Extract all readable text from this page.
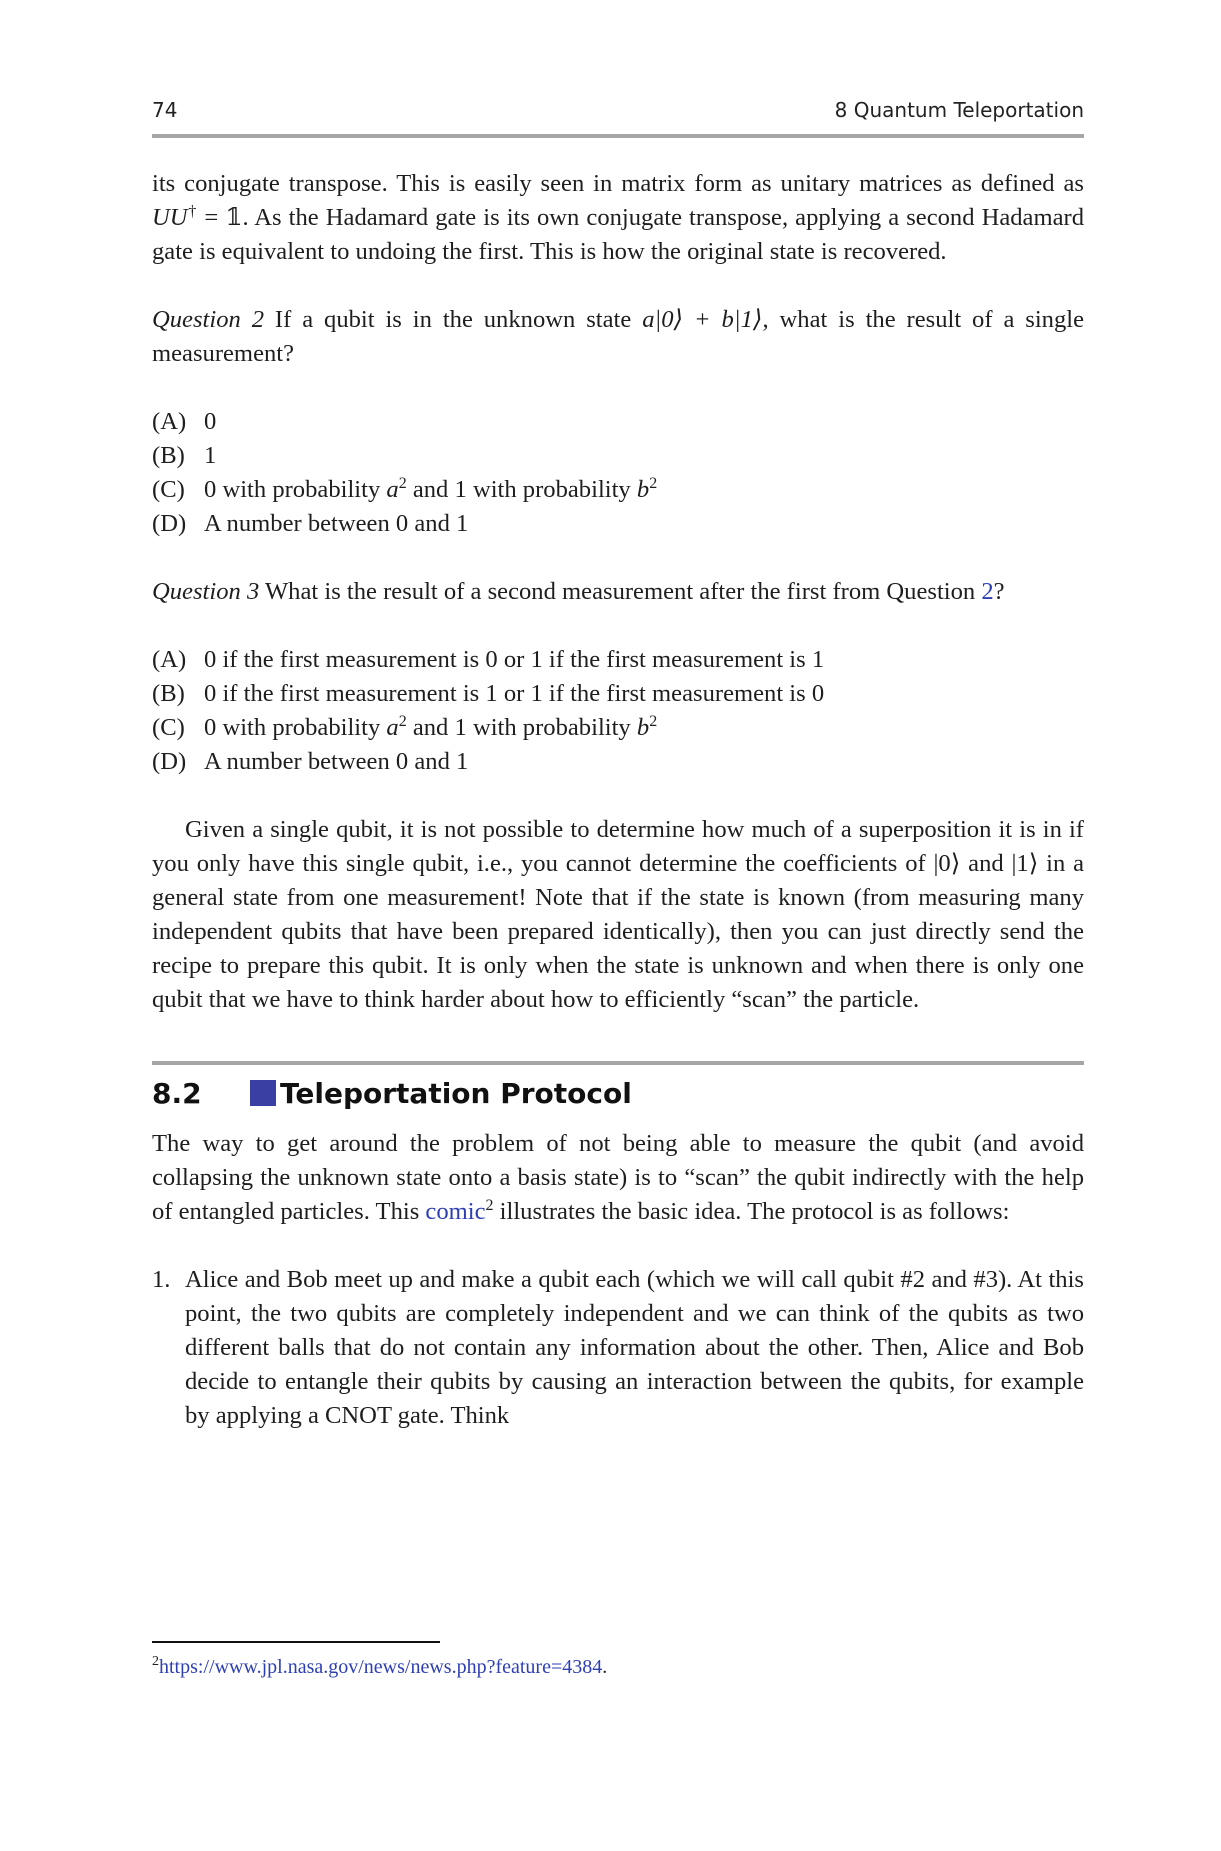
74	8 Quantum Teleportation

its conjugate transpose. This is easily seen in matrix form as unitary matrices as defined as UU† = 𝟙. As the Hadamard gate is its own conjugate transpose, applying a second Hadamard gate is equivalent to undoing the first. This is how the original state is recovered.

Question 2 If a qubit is in the unknown state a|0⟩ + b|1⟩, what is the result of a single measurement?

(A) 0
(B) 1
(C) 0 with probability $a^2$ and 1 with probability $b^2$
(D) A number between 0 and 1

Question 3 What is the result of a second measurement after the first from Question 2?

(A) 0 if the first measurement is 0 or 1 if the first measurement is 1
(B) 0 if the first measurement is 1 or 1 if the first measurement is 0
(C) 0 with probability $a^2$ and 1 with probability $b^2$
(D) A number between 0 and 1

Given a single qubit, it is not possible to determine how much of a superposition it is in if you only have this single qubit, i.e., you cannot determine the coefficients of |0⟩ and |1⟩ in a general state from one measurement! Note that if the state is known (from measuring many independent qubits that have been prepared identically), then you can just directly send the recipe to prepare this qubit. It is only when the state is unknown and when there is only one qubit that we have to think harder about how to efficiently “scan” the particle.

8.2	Teleportation Protocol

The way to get around the problem of not being able to measure the qubit (and avoid collapsing the unknown state onto a basis state) is to “scan” the qubit indirectly with the help of entangled particles. This comic$^2$ illustrates the basic idea. The protocol is as follows:

1. Alice and Bob meet up and make a qubit each (which we will call qubit #2 and #3). At this point, the two qubits are completely independent and we can think of the qubits as two different balls that do not contain any information about the other. Then, Alice and Bob decide to entangle their qubits by causing an interaction between the qubits, for example by applying a CNOT gate. Think
$^2$https://www.jpl.nasa.gov/news/news.php?feature=4384.
